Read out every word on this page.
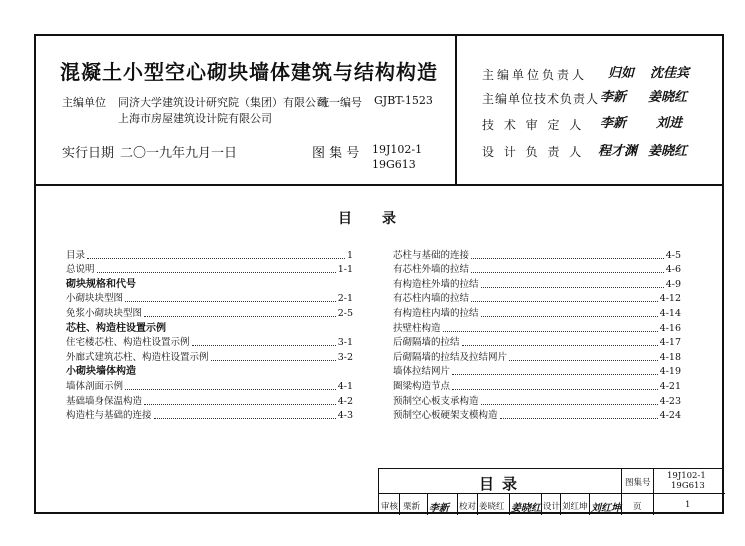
混凝土小型空心砌块墙体建筑与结构构造
主编单位 同济大学建筑设计研究院（集团）有限公司
上海市房屋建筑设计院有限公司
统一编号 GJBT-1523
实行日期 二〇一九年九月一日	图 集 号 19J102-1
19G613
主编单位负责人 归如 沈佳宾
主编单位技术负责人 李新 姜晓红
技 术 审 定 人 李新 刘进
设 计 负 责 人 程才渊 姜晓红
目录
目录	1
总说明	1-1
砌块规格和代号
小砌块块型图	2-1
免浆小砌块块型图	2-5
芯柱、构造柱设置示例
住宅楼芯柱、构造柱设置示例	3-1
外廊式建筑芯柱、构造柱设置示例	3-2
小砌块墙体构造
墙体剖面示例	4-1
基础墙身保温构造	4-2
构造柱与基础的连接	4-3
芯柱与基础的连接	4-5
有芯柱外墙的拉结	4-6
有构造柱外墙的拉结	4-9
有芯柱内墙的拉结	4-12
有构造柱内墙的拉结	4-14
扶壁柱构造	4-16
后砌隔墙的拉结	4-17
后砌隔墙的拉结及拉结网片	4-18
墙体拉结网片	4-19
圈梁构造节点	4-21
预制空心板支承构造	4-23
预制空心板硬架支模构造	4-24
目录	图集号
19J102-1
19G613
审核 栗新 李新 校对 姜晓红 姜晓红 设计 刘红坤 刘红坤 页	1
